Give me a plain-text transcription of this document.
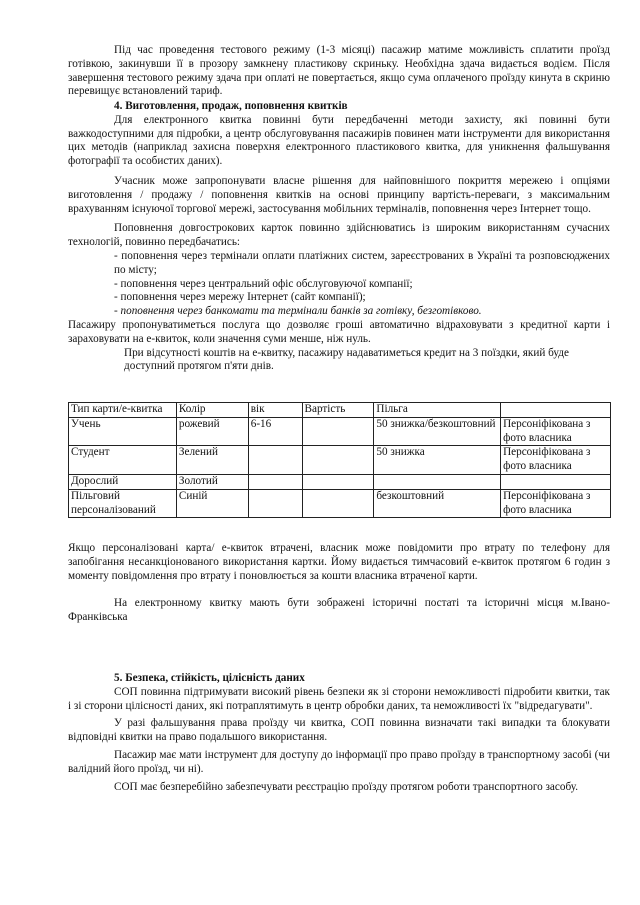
Під час проведення тестового режиму (1-3 місяці) пасажир матиме можливість сплатити проїзд готівкою, закинувши її в прозору замкнену пластикову скриньку. Необхідна здача видається водієм. Після завершення тестового режиму здача при оплаті не повертається, якщо сума оплаченого проїзду кинута в скриню перевищує встановлений тариф.

4. Виготовлення, продаж, поповнення квитків

Для електронного квитка повинні бути передбаченні методи захисту, які повинні бути важкодоступними для підробки, а центр обслуговування пасажирів повинен мати інструменти для використання цих методів (наприклад захисна поверхня електронного пластикового квитка, для уникнення фальшування фотографії та особистих даних).

Учасник може запропонувати власне рішення для найповнішого покриття мережею і опціями виготовлення / продажу / поповнення квитків на основі принципу вартість-переваги, з максимальним врахуванням існуючої торгової мережі, застосування мобільних терміналів, поповнення через Інтернет тощо.

Поповнення довгострокових карток повинно здійснюватись із широким використанням сучасних технологій, повинно передбачатись:

- поповнення через термінали оплати платіжних систем, зареєстрованих в Україні та розповсюджених по місту;

- поповнення через центральний офіс обслуговуючої компанії;

- поповнення через мережу Інтернет (сайт компанії);

- поповнення через банкомати та термінали банків за готівку, безготівково.

Пасажиру пропонуватиметься послуга що дозволяє гроші автоматично відраховувати з кредитної карти і зараховувати на е-квиток, коли значення суми менше, ніж нуль.

При відсутності коштів на е-квитку, пасажиру надаватиметься кредит на 3 поїздки, який буде доступний протягом п'яти днів.

Тип карти/е-квитка	Колір	вік	Вартість	Пільга	
Учень	рожевий	6-16		50 знижка/безкоштовний	Персоніфікована з фото власника
Студент	Зелений			50 знижка	Персоніфікована з фото власника
Дорослий	Золотий				
Пільговий персоналізований	Синій			безкоштовний	Персоніфікована з фото власника

Якщо персоналізовані карта/ е-квиток втрачені, власник може повідомити про втрату по телефону для запобігання несанкціонованого використання картки. Йому видається тимчасовий е-квиток протягом 6 годин з моменту повідомлення про втрату і поновлюється за кошти власника втраченої карти.

На електронному квитку мають бути зображені історичні постаті та історичні місця м.Івано-Франківська

5. Безпека, стійкість, цілісність даних

СОП повинна підтримувати високий рівень безпеки як зі сторони неможливості підробити квитки, так і зі сторони цілісності даних, які потраплятимуть в центр обробки даних, та неможливості їх "відредагувати".

У разі фальшування права проїзду чи квитка, СОП повинна визначати такі випадки та блокувати відповідні квитки на право подальшого використання.

Пасажир має мати інструмент для доступу до інформації про право проїзду в транспортному засобі (чи валідний його проїзд, чи ні).

СОП має безперебійно забезпечувати реєстрацію проїзду протягом роботи транспортного засобу.
